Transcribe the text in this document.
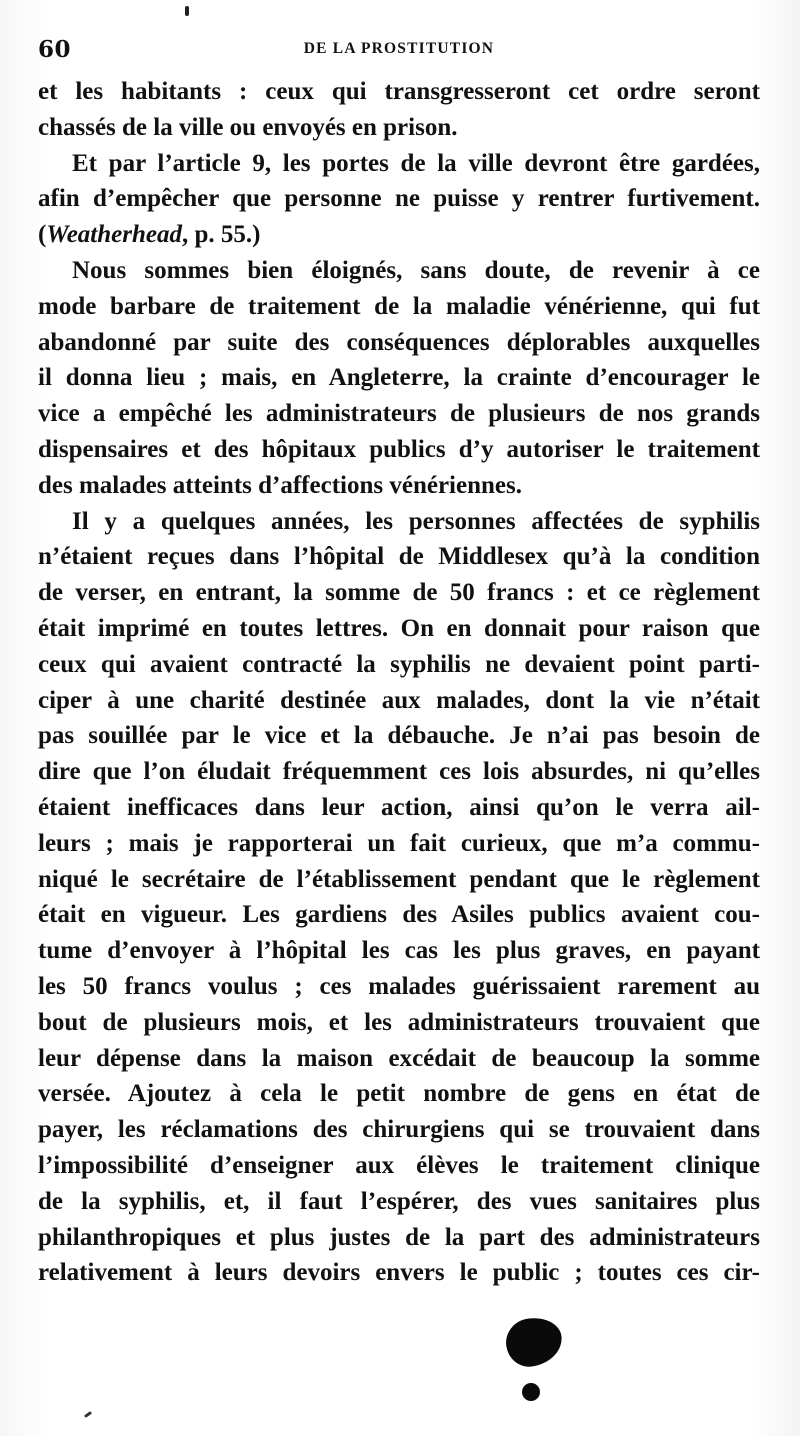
60	DE LA PROSTITUTION
et les habitants : ceux qui transgresseront cet ordre seront
chassés de la ville ou envoyés en prison.
Et par l’article 9, les portes de la ville devront être gardées,
afin d’empêcher que personne ne puisse y rentrer furtivement.
(Weatherhead, p. 55.)
Nous sommes bien éloignés, sans doute, de revenir à ce
mode barbare de traitement de la maladie vénérienne, qui fut
abandonné par suite des conséquences déplorables auxquelles
il donna lieu ; mais, en Angleterre, la crainte d’encourager le
vice a empêché les administrateurs de plusieurs de nos grands
dispensaires et des hôpitaux publics d’y autoriser le traitement
des malades atteints d’affections vénériennes.
Il y a quelques années, les personnes affectées de syphilis
n’étaient reçues dans l’hôpital de Middlesex qu’à la condition
de verser, en entrant, la somme de 50 francs : et ce règlement
était imprimé en toutes lettres. On en donnait pour raison que
ceux qui avaient contracté la syphilis ne devaient point parti-
ciper à une charité destinée aux malades, dont la vie n’était
pas souillée par le vice et la débauche. Je n’ai pas besoin de
dire que l’on éludait fréquemment ces lois absurdes, ni qu’elles
étaient inefficaces dans leur action, ainsi qu’on le verra ail-
leurs ; mais je rapporterai un fait curieux, que m’a commu-
niqué le secrétaire de l’établissement pendant que le règlement
était en vigueur. Les gardiens des Asiles publics avaient cou-
tume d’envoyer à l’hôpital les cas les plus graves, en payant
les 50 francs voulus ; ces malades guérissaient rarement au
bout de plusieurs mois, et les administrateurs trouvaient que
leur dépense dans la maison excédait de beaucoup la somme
versée. Ajoutez à cela le petit nombre de gens en état de
payer, les réclamations des chirurgiens qui se trouvaient dans
l’impossibilité d’enseigner aux élèves le traitement clinique
de la syphilis, et, il faut l’espérer, des vues sanitaires plus
philanthropiques et plus justes de la part des administrateurs
relativement à leurs devoirs envers le public ; toutes ces cir-
